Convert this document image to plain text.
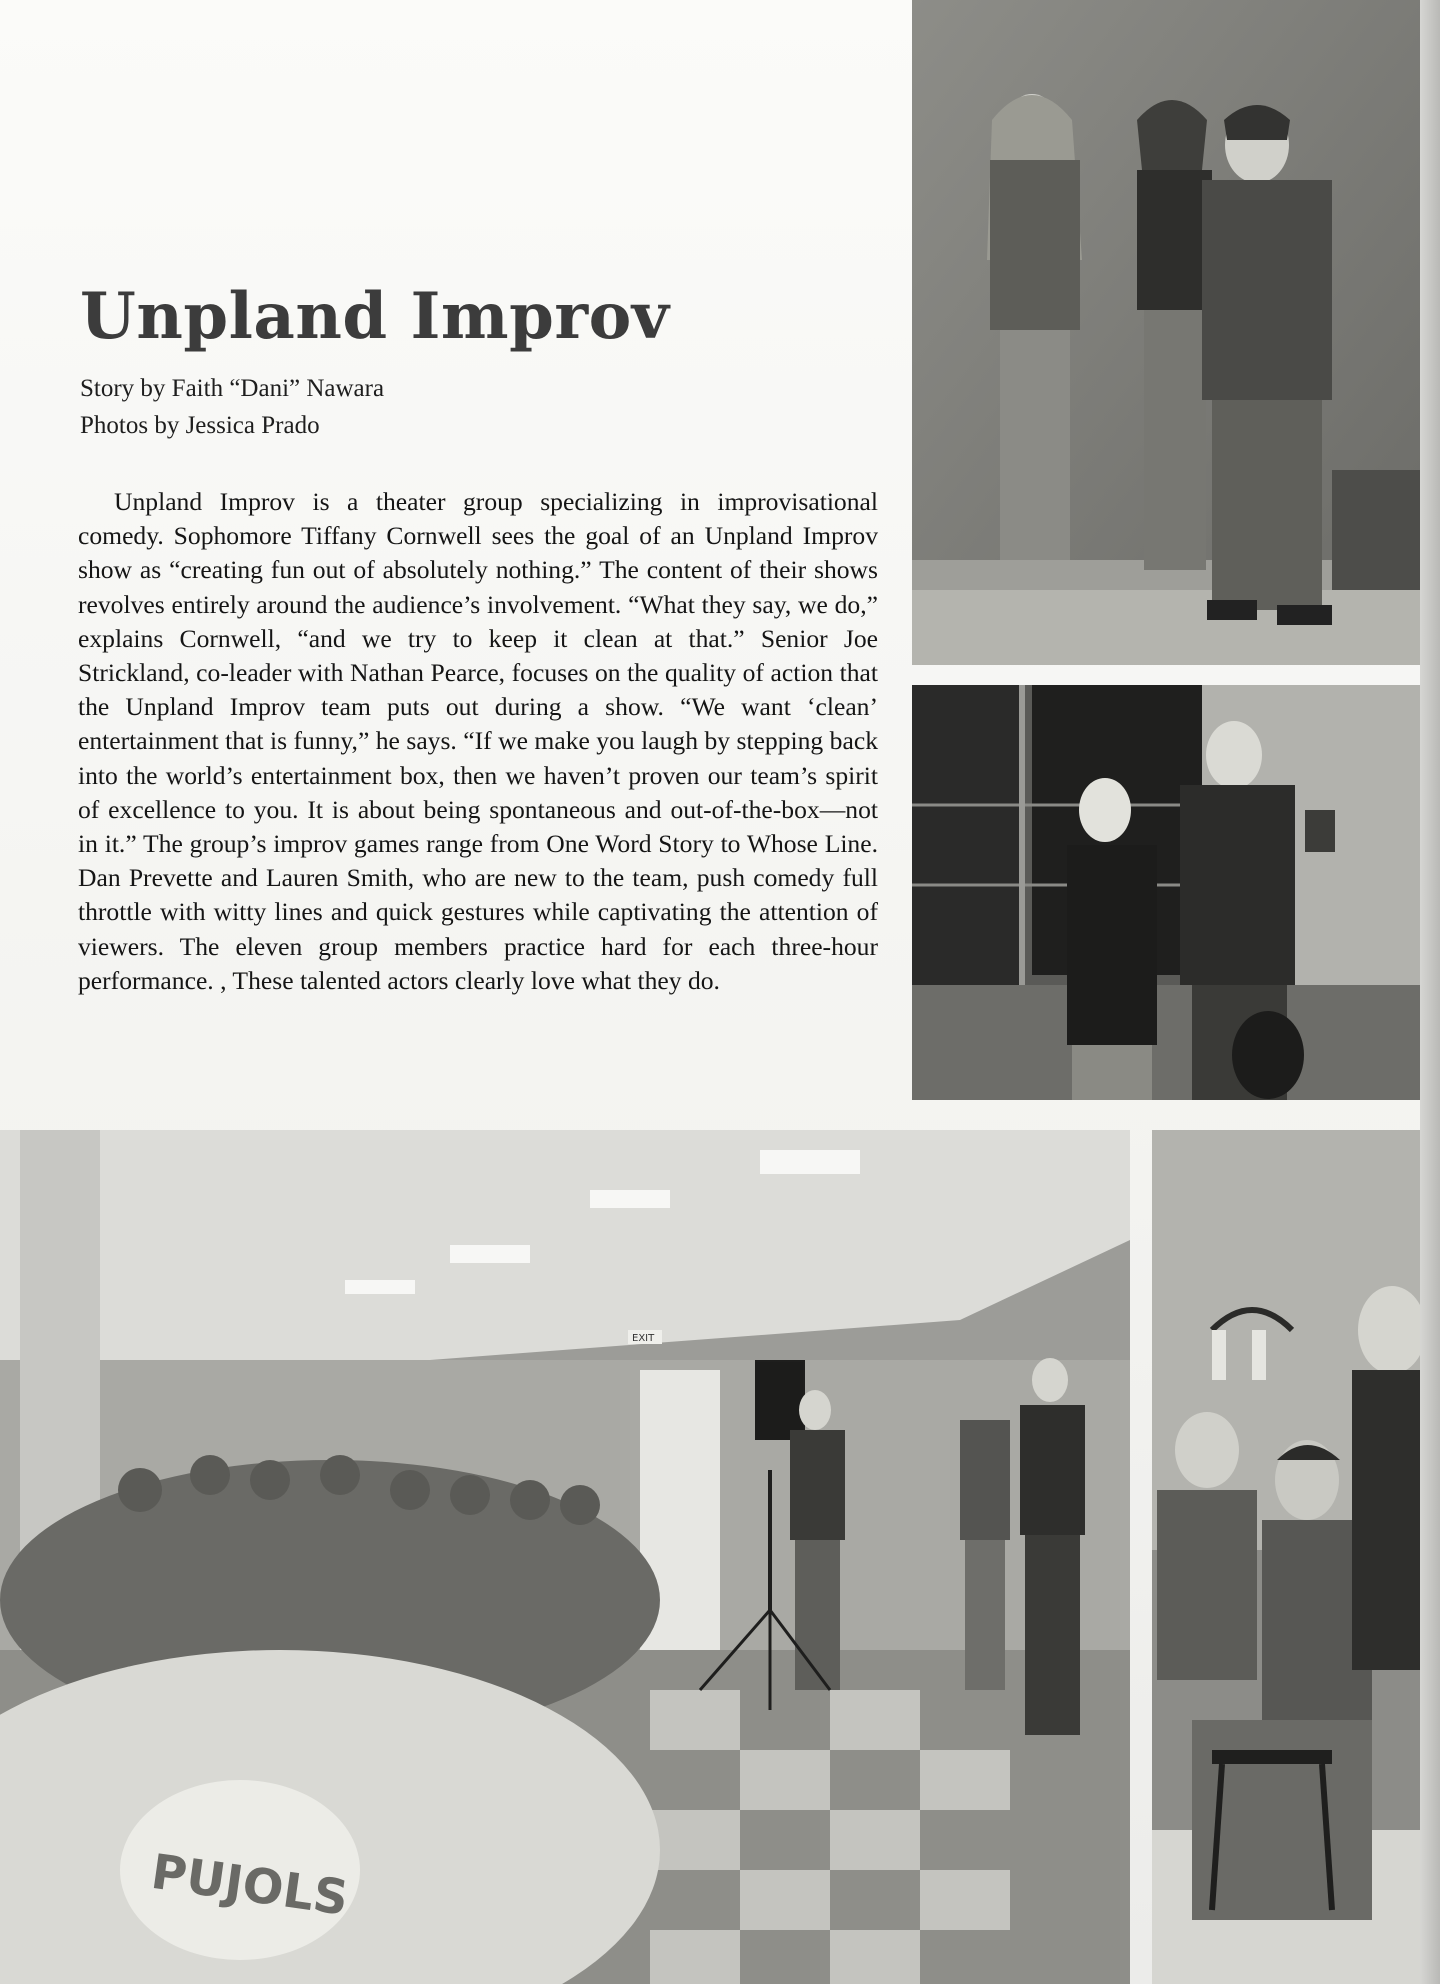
Unpland Improv

Story by Faith “Dani” Nawara

Photos by Jessica Prado

Unpland Improv is a theater group specializing in improvisational comedy. Sophomore Tiffany Cornwell sees the goal of an Unpland Improv show as “creating fun out of absolutely nothing.” The content of their shows revolves entirely around the audience’s involvement. “What they say, we do,” explains Cornwell, “and we try to keep it clean at that.” Senior Joe Strickland, co-leader with Nathan Pearce, focuses on the quality of action that the Unpland Improv team puts out during a show. “We want ‘clean’ entertainment that is funny,” he says. “If we make you laugh by stepping back into the world’s entertainment box, then we haven’t proven our team’s spirit of excellence to you. It is about being spontaneous and out-of-the-box—not in it.” The group’s improv games range from One Word Story to Whose Line. Dan Prevette and Lauren Smith, who are new to the team, push comedy full throttle with witty lines and quick gestures while captivating the attention of viewers. The eleven group members practice hard for each three-hour performance. , These talented actors clearly love what they do.

PUJOLS
EXIT
